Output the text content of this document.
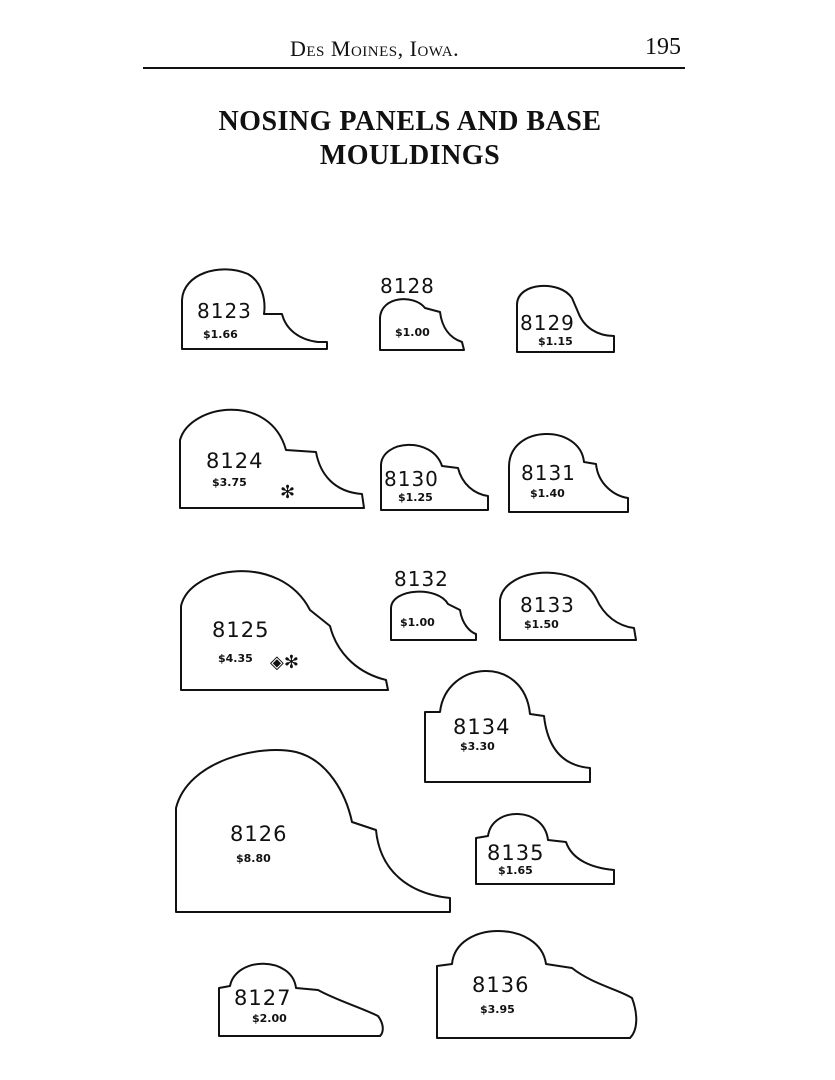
Des Moines, Iowa.	195
NOSING PANELS AND BASE
MOULDINGS
8123
$1.66
8128
$1.00	8129
$1.15
8124
$3.75 ✻
8130
$1.25
8131
$1.40
8125
$4.35 ◈✻
8132
$1.00
8133
$1.50
8134
$3.30
8126
$8.80	8135
$1.65
8127
$2.00
8136
$3.95
